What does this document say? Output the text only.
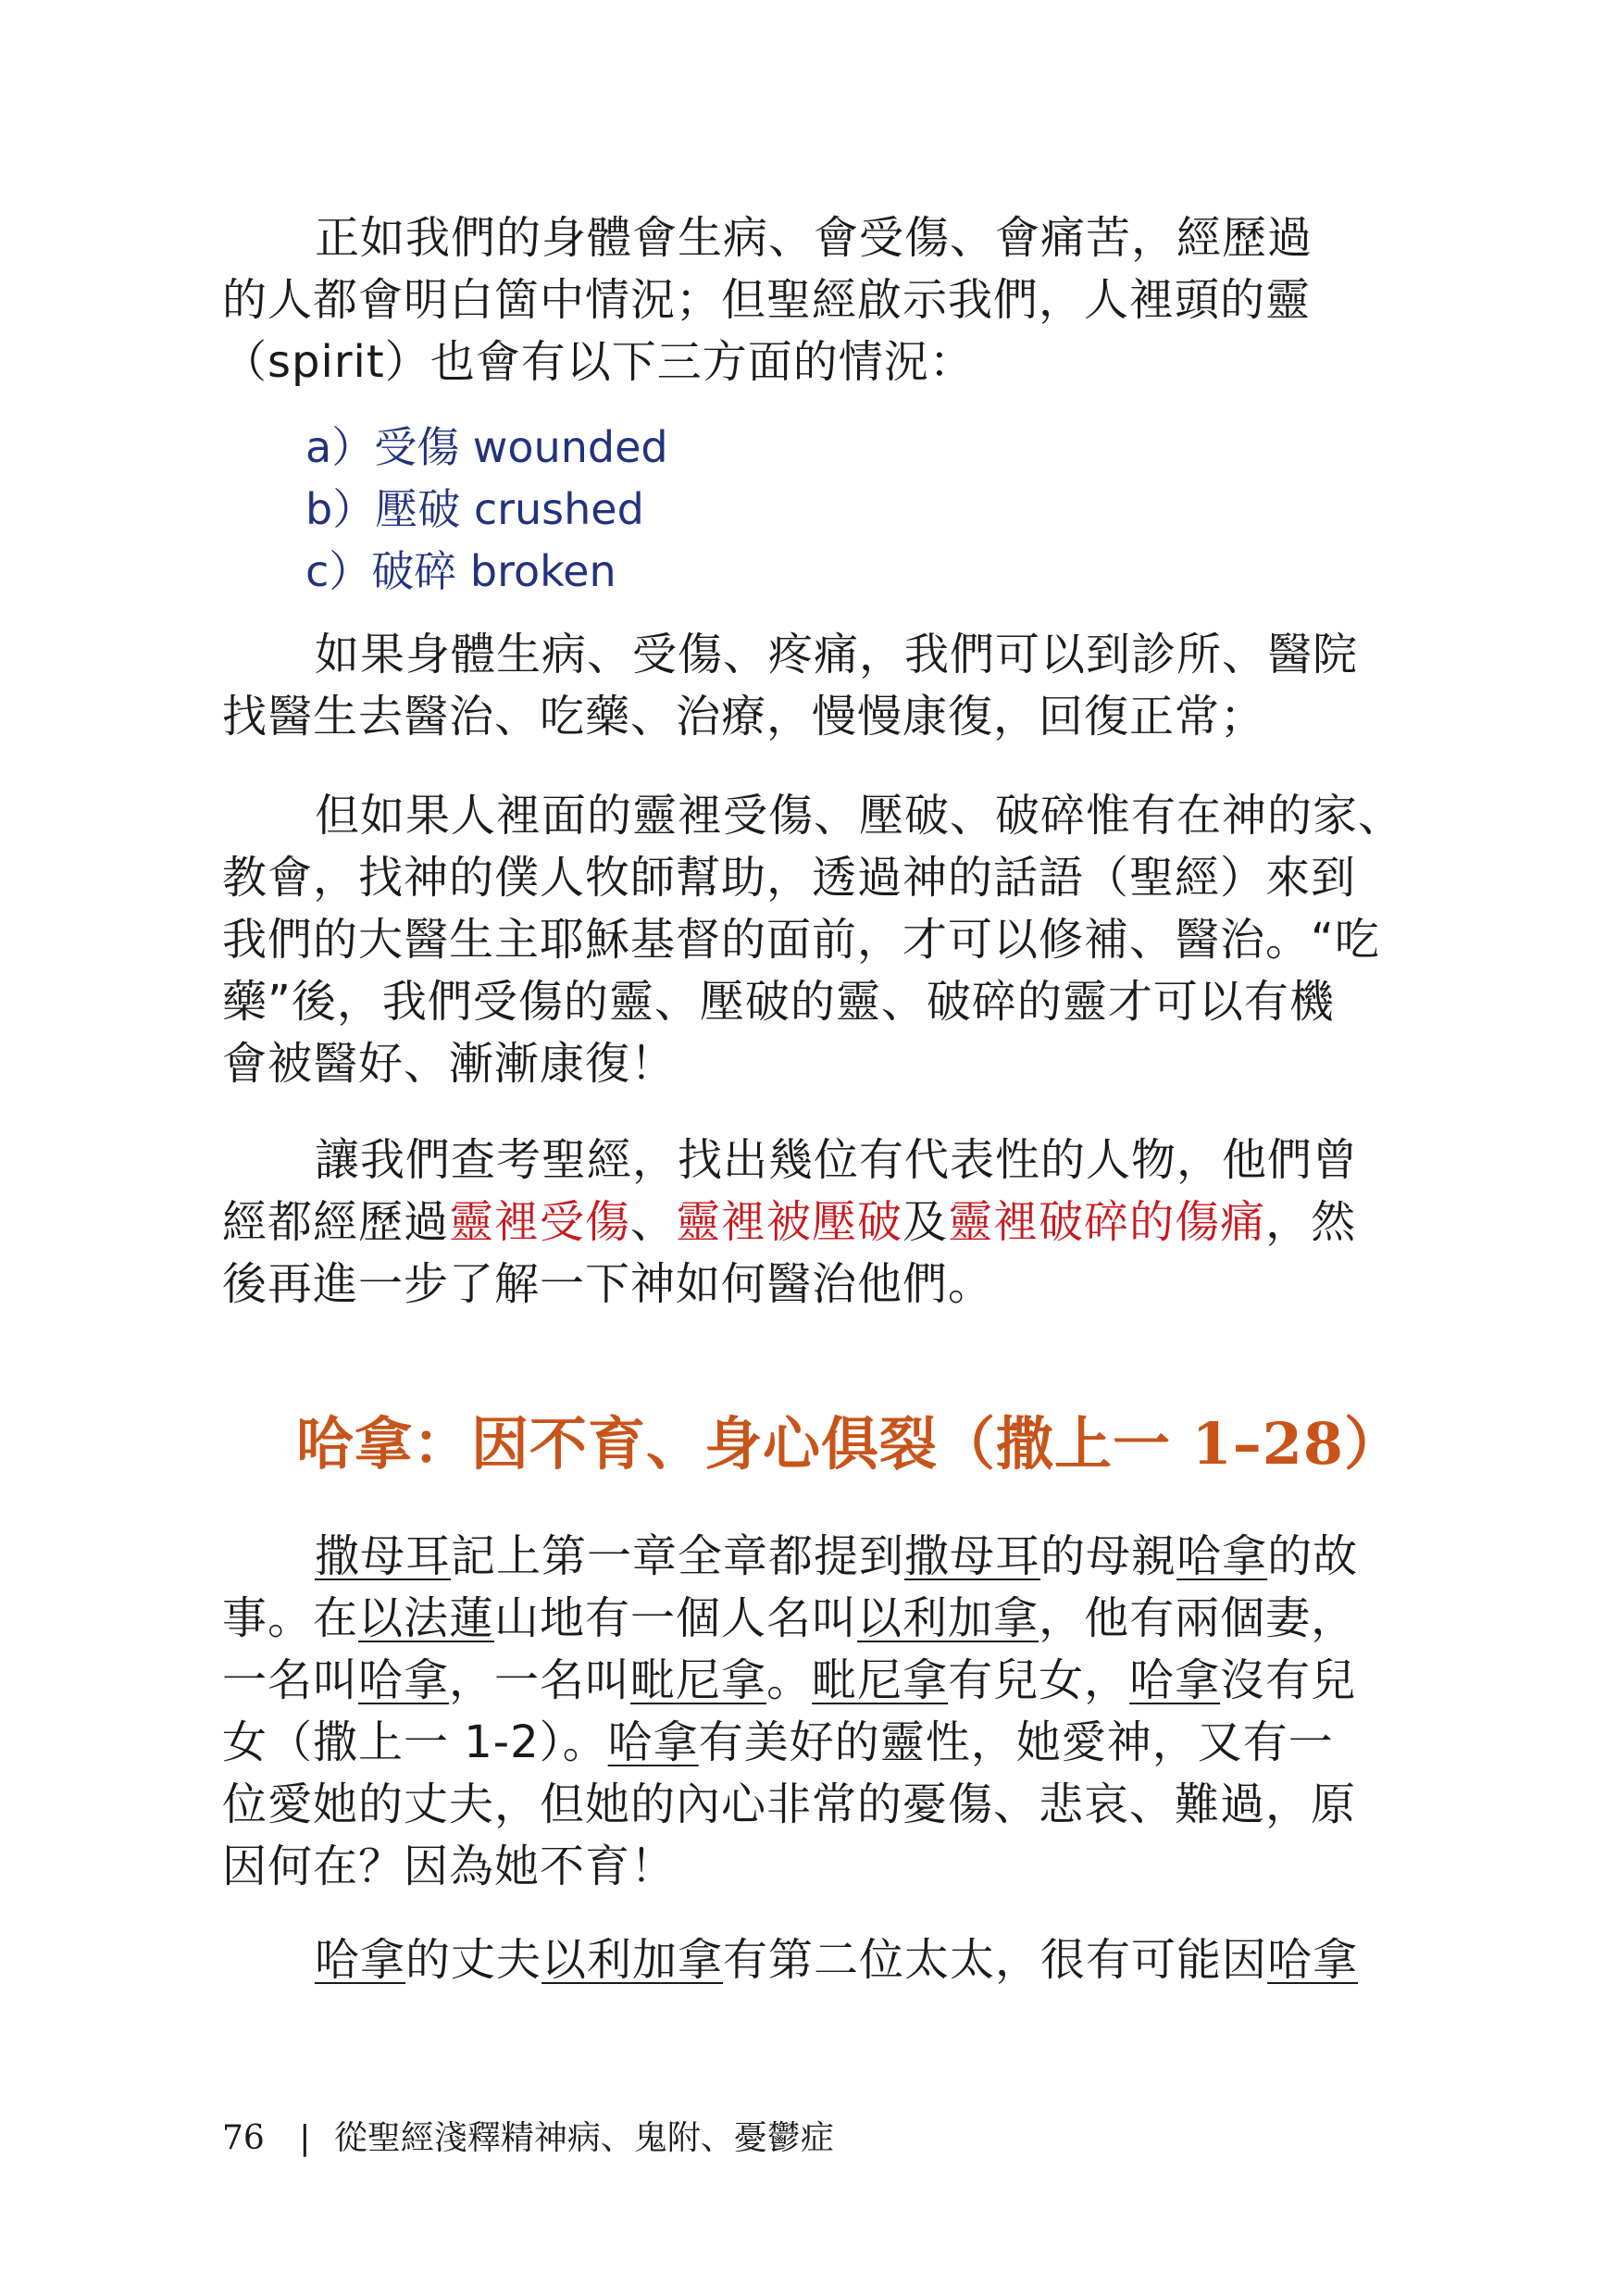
正如我們的身體會生病、會受傷、會痛苦，經歷過
的人都會明白箇中情況；但聖經啟示我們，人裡頭的靈
（spirit）也會有以下三方面的情況：

a）受傷 wounded
b）壓破 crushed
c）破碎 broken

如果身體生病、受傷、疼痛，我們可以到診所、醫院
找醫生去醫治、吃藥、治療，慢慢康復，回復正常；

但如果人裡面的靈裡受傷、壓破、破碎惟有在神的家、
教會，找神的僕人牧師幫助，透過神的話語（聖經）來到
我們的大醫生主耶穌基督的面前，才可以修補、醫治。“吃
藥”後，我們受傷的靈、壓破的靈、破碎的靈才可以有機
會被醫好、漸漸康復！

讓我們查考聖經，找出幾位有代表性的人物，他們曾
經都經歷過靈裡受傷、靈裡被壓破及靈裡破碎的傷痛，然
後再進一步了解一下神如何醫治他們。

哈拿：因不育、身心俱裂（撒上一 1–28）

撒母耳記上第一章全章都提到撒母耳的母親哈拿的故
事。在以法蓮山地有一個人名叫以利加拿，他有兩個妻，
一名叫哈拿，一名叫毗尼拿。毗尼拿有兒女，哈拿沒有兒
女（撒上一 1-2）。哈拿有美好的靈性，她愛神，又有一
位愛她的丈夫，但她的內心非常的憂傷、悲哀、難過，原
因何在？因為她不育！

哈拿的丈夫以利加拿有第二位太太，很有可能因哈拿

76 | 從聖經淺釋精神病、鬼附、憂鬱症
